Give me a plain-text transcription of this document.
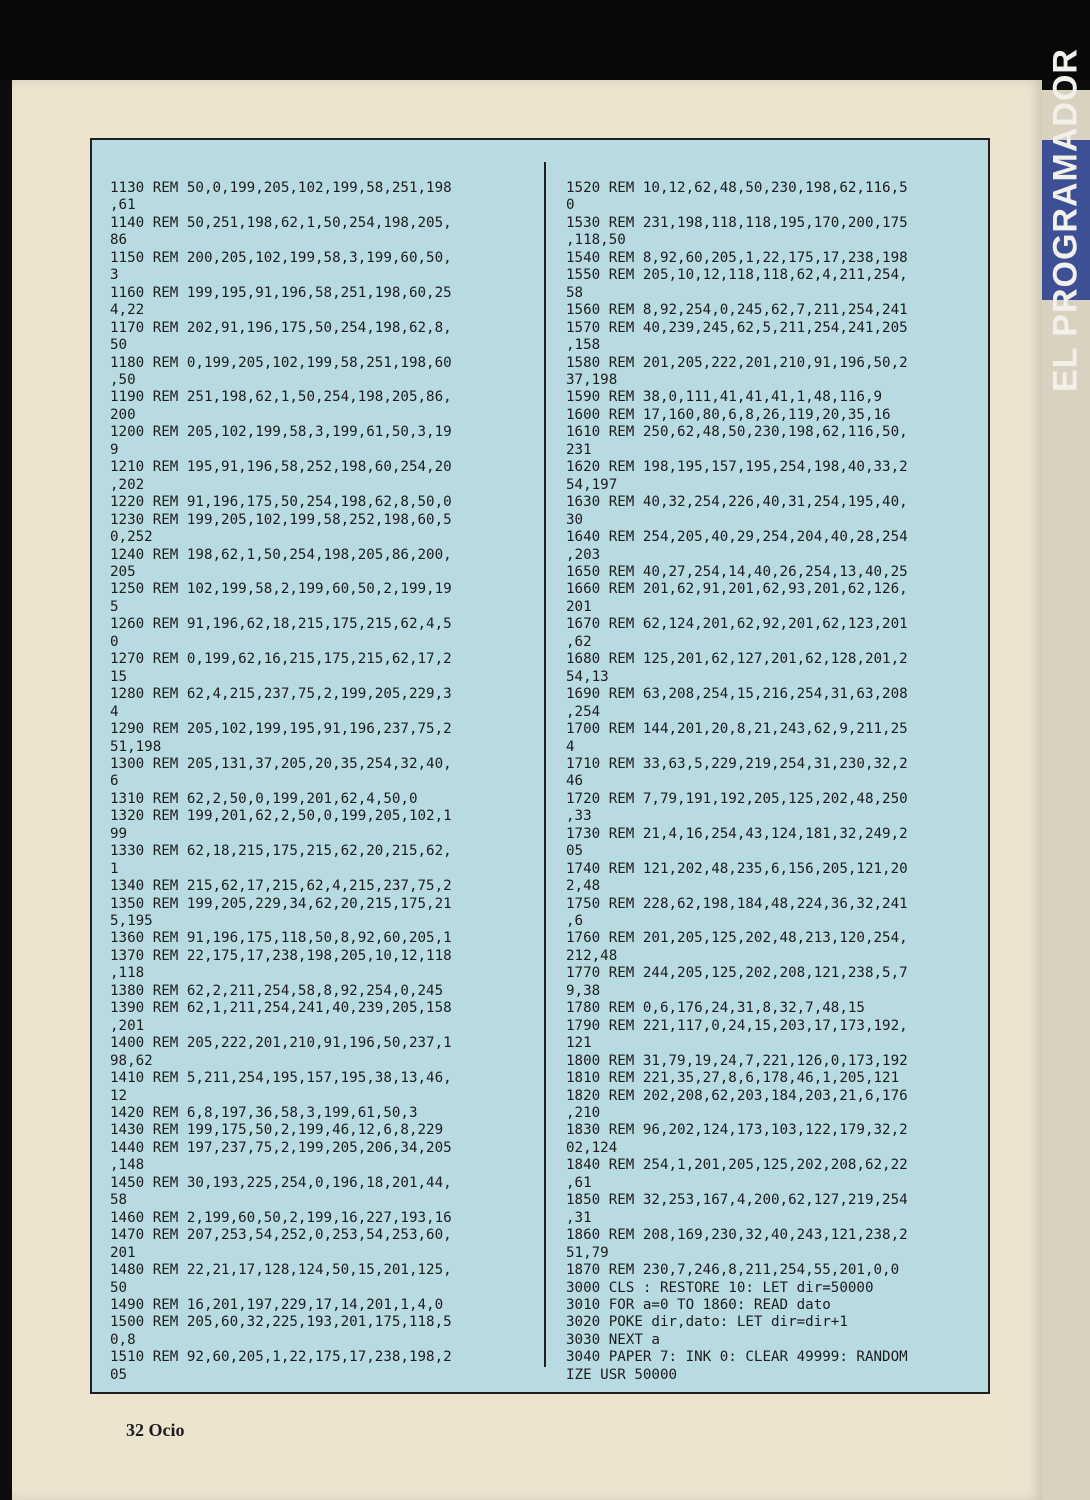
EL PROGRAMADOR
1130 REM 50,0,199,205,102,199,58,251,198
,61
1140 REM 50,251,198,62,1,50,254,198,205,
86
1150 REM 200,205,102,199,58,3,199,60,50,
3
1160 REM 199,195,91,196,58,251,198,60,25
4,22
1170 REM 202,91,196,175,50,254,198,62,8,
50
1180 REM 0,199,205,102,199,58,251,198,60
,50
1190 REM 251,198,62,1,50,254,198,205,86,
200
1200 REM 205,102,199,58,3,199,61,50,3,19
9
1210 REM 195,91,196,58,252,198,60,254,20
,202
1220 REM 91,196,175,50,254,198,62,8,50,0
1230 REM 199,205,102,199,58,252,198,60,5
0,252
1240 REM 198,62,1,50,254,198,205,86,200,
205
1250 REM 102,199,58,2,199,60,50,2,199,19
5
1260 REM 91,196,62,18,215,175,215,62,4,5
0
1270 REM 0,199,62,16,215,175,215,62,17,2
15
1280 REM 62,4,215,237,75,2,199,205,229,3
4
1290 REM 205,102,199,195,91,196,237,75,2
51,198
1300 REM 205,131,37,205,20,35,254,32,40,
6
1310 REM 62,2,50,0,199,201,62,4,50,0
1320 REM 199,201,62,2,50,0,199,205,102,1
99
1330 REM 62,18,215,175,215,62,20,215,62,
1
1340 REM 215,62,17,215,62,4,215,237,75,2
1350 REM 199,205,229,34,62,20,215,175,21
5,195
1360 REM 91,196,175,118,50,8,92,60,205,1
1370 REM 22,175,17,238,198,205,10,12,118
,118
1380 REM 62,2,211,254,58,8,92,254,0,245
1390 REM 62,1,211,254,241,40,239,205,158
,201
1400 REM 205,222,201,210,91,196,50,237,1
98,62
1410 REM 5,211,254,195,157,195,38,13,46,
12
1420 REM 6,8,197,36,58,3,199,61,50,3
1430 REM 199,175,50,2,199,46,12,6,8,229
1440 REM 197,237,75,2,199,205,206,34,205
,148
1450 REM 30,193,225,254,0,196,18,201,44,
58
1460 REM 2,199,60,50,2,199,16,227,193,16
1470 REM 207,253,54,252,0,253,54,253,60,
201
1480 REM 22,21,17,128,124,50,15,201,125,
50
1490 REM 16,201,197,229,17,14,201,1,4,0
1500 REM 205,60,32,225,193,201,175,118,5
0,8
1510 REM 92,60,205,1,22,175,17,238,198,2
05
1520 REM 10,12,62,48,50,230,198,62,116,5
0
1530 REM 231,198,118,118,195,170,200,175
,118,50
1540 REM 8,92,60,205,1,22,175,17,238,198
1550 REM 205,10,12,118,118,62,4,211,254,
58
1560 REM 8,92,254,0,245,62,7,211,254,241
1570 REM 40,239,245,62,5,211,254,241,205
,158
1580 REM 201,205,222,201,210,91,196,50,2
37,198
1590 REM 38,0,111,41,41,41,1,48,116,9
1600 REM 17,160,80,6,8,26,119,20,35,16
1610 REM 250,62,48,50,230,198,62,116,50,
231
1620 REM 198,195,157,195,254,198,40,33,2
54,197
1630 REM 40,32,254,226,40,31,254,195,40,
30
1640 REM 254,205,40,29,254,204,40,28,254
,203
1650 REM 40,27,254,14,40,26,254,13,40,25
1660 REM 201,62,91,201,62,93,201,62,126,
201
1670 REM 62,124,201,62,92,201,62,123,201
,62
1680 REM 125,201,62,127,201,62,128,201,2
54,13
1690 REM 63,208,254,15,216,254,31,63,208
,254
1700 REM 144,201,20,8,21,243,62,9,211,25
4
1710 REM 33,63,5,229,219,254,31,230,32,2
46
1720 REM 7,79,191,192,205,125,202,48,250
,33
1730 REM 21,4,16,254,43,124,181,32,249,2
05
1740 REM 121,202,48,235,6,156,205,121,20
2,48
1750 REM 228,62,198,184,48,224,36,32,241
,6
1760 REM 201,205,125,202,48,213,120,254,
212,48
1770 REM 244,205,125,202,208,121,238,5,7
9,38
1780 REM 0,6,176,24,31,8,32,7,48,15
1790 REM 221,117,0,24,15,203,17,173,192,
121
1800 REM 31,79,19,24,7,221,126,0,173,192
1810 REM 221,35,27,8,6,178,46,1,205,121
1820 REM 202,208,62,203,184,203,21,6,176
,210
1830 REM 96,202,124,173,103,122,179,32,2
02,124
1840 REM 254,1,201,205,125,202,208,62,22
,61
1850 REM 32,253,167,4,200,62,127,219,254
,31
1860 REM 208,169,230,32,40,243,121,238,2
51,79
1870 REM 230,7,246,8,211,254,55,201,0,0
3000 CLS : RESTORE 10: LET dir=50000
3010 FOR a=0 TO 1860: READ dato
3020 POKE dir,dato: LET dir=dir+1
3030 NEXT a
3040 PAPER 7: INK 0: CLEAR 49999: RANDOM
IZE USR 50000
32 Ocio
